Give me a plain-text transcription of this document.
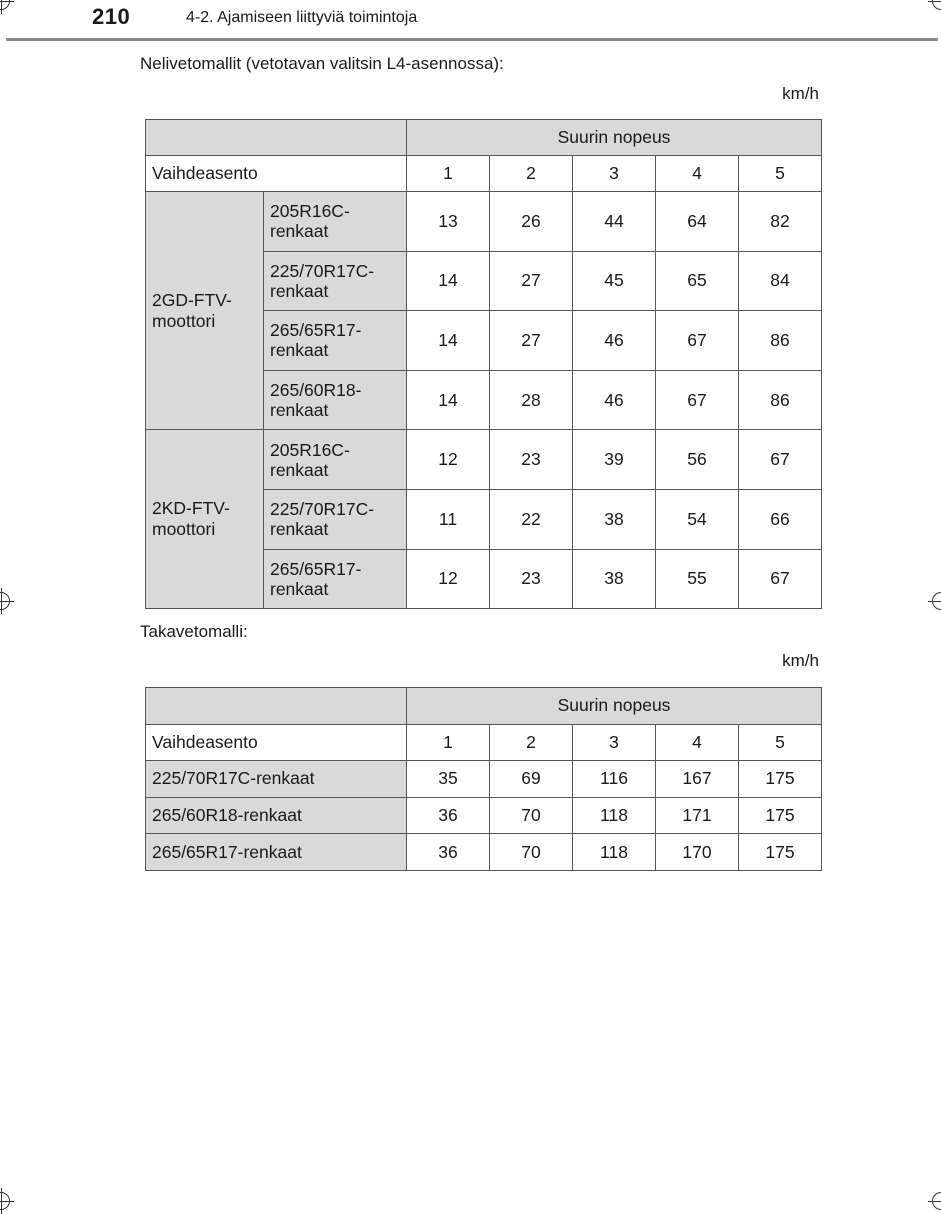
210	4-2. Ajamiseen liittyviä toimintoja
Nelivetomallit (vetotavan valitsin L4-asennossa):
km/h
		Suurin nopeus				
Vaihdeasento		1	2	3	4	5
2GD-FTV-
moottori	205R16C-
renkaat	13	26	44	64	82
	225/70R17C-
renkaat	14	27	45	65	84
	265/65R17-
renkaat	14	27	46	67	86
	265/60R18-
renkaat	14	28	46	67	86
2KD-FTV-
moottori	205R16C-
renkaat	12	23	39	56	67
	225/70R17C-
renkaat	11	22	38	54	66
	265/65R17-
renkaat	12	23	38	55	67
Takavetomalli:
km/h
	Suurin nopeus				
Vaihdeasento	1	2	3	4	5
225/70R17C-renkaat	35	69	116	167	175
265/60R18-renkaat	36	70	118	171	175
265/65R17-renkaat	36	70	118	170	175
